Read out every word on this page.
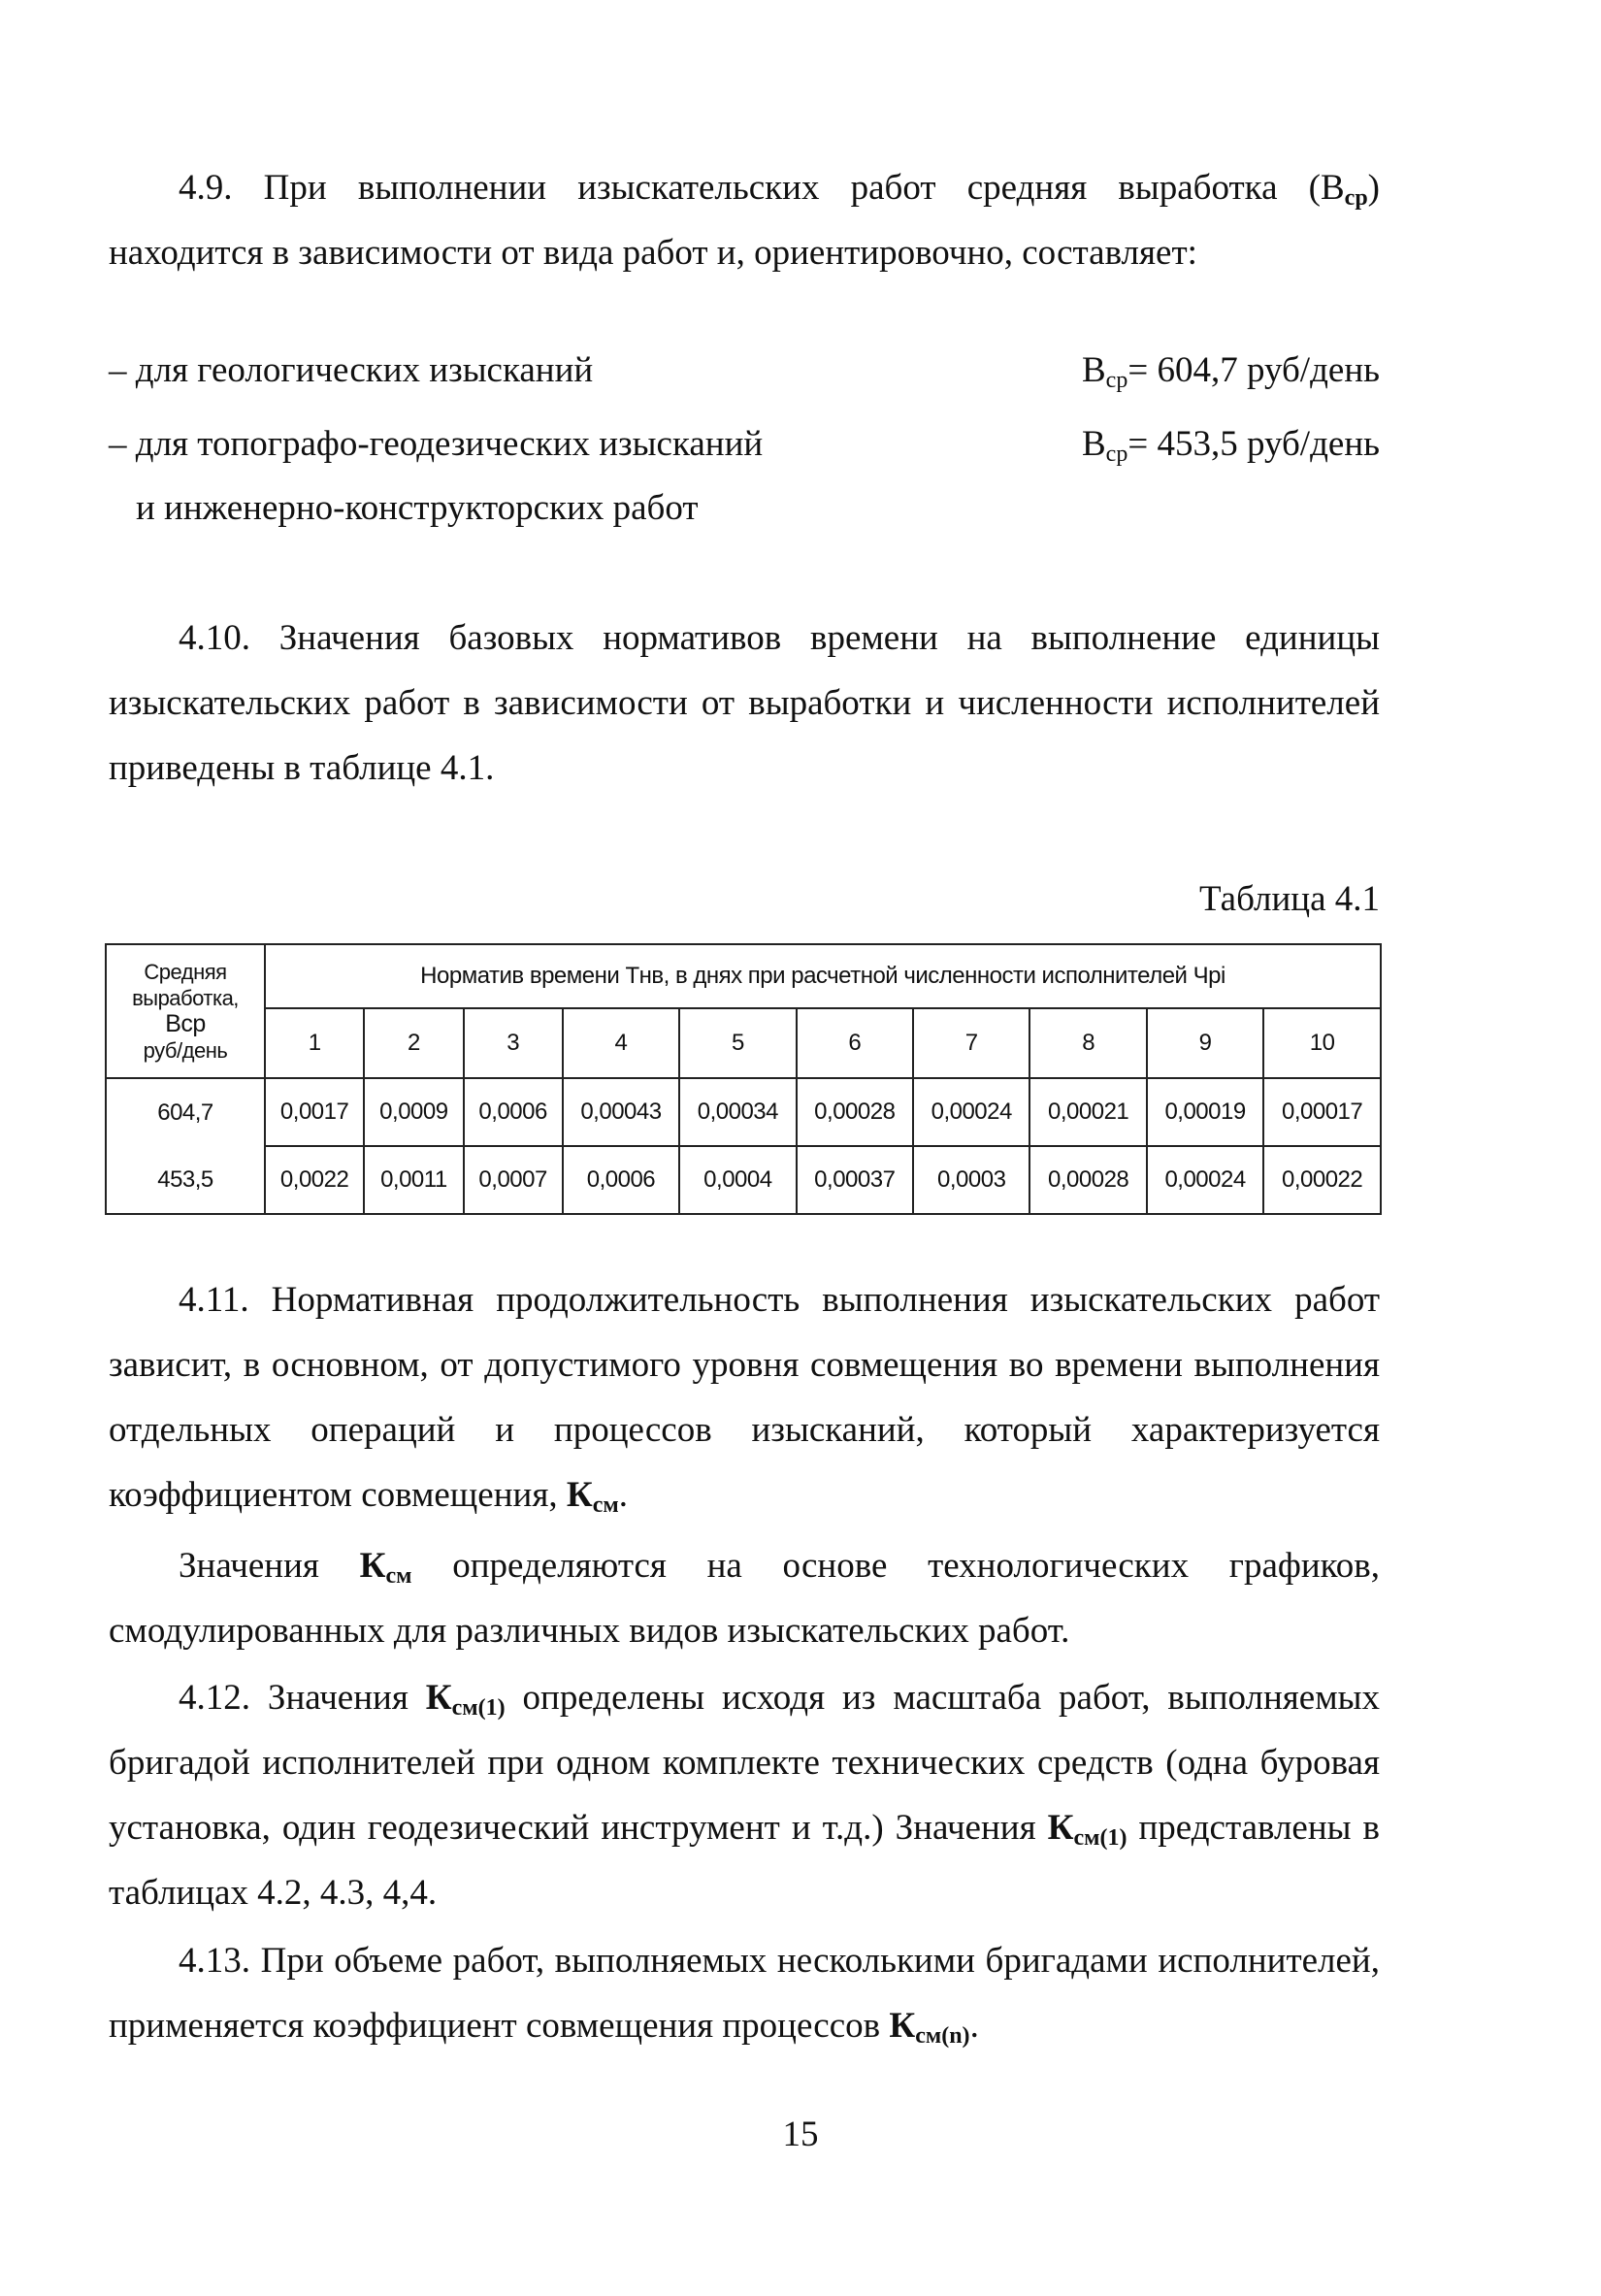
4.9. При выполнении изыскательских работ средняя выработка $(В_{ср})$ находится в зависимости от вида работ и, ориентировочно, составляет:

– для геологических изысканий	$В_{ср}= 604,7$ руб/день
– для топографо-геодезических изысканий	$В_{ср}= 453,5$ руб/день
и инженерно-конструкторских работ

4.10. Значения базовых нормативов времени на выполнение единицы изыскательских работ в зависимости от выработки и численности исполнителей приведены в таблице 4.1.

Таблица 4.1
Средняя
выработка,
Вср
руб/день	Норматив времени Тнв, в днях при расчетной численности исполнителей Чрi									
	1	2	3	4	5	6	7	8	9	10
604,7	0,0017	0,0009	0,0006	0,00043	0,00034	0,00028	0,00024	0,00021	0,00019	0,00017
453,5	0,0022	0,0011	0,0007	0,0006	0,0004	0,00037	0,0003	0,00028	0,00024	0,00022

4.11. Нормативная продолжительность выполнения изыскательских работ зависит, в основном, от допустимого уровня совмещения во времени выполнения отдельных операций и процессов изысканий, который характеризуется коэффициентом совмещения, $К_{см}$.

Значения $К_{см}$ определяются на основе технологических графиков, смодулированных для различных видов изыскательских работ.

4.12. Значения $К_{см(1)}$ определены исходя из масштаба работ, выполняемых бригадой исполнителей при одном комплекте технических средств (одна буровая установка, один геодезический инструмент и т.д.) Значения $К_{см(1)}$ представлены в таблицах 4.2, 4.3, 4,4.

4.13. При объеме работ, выполняемых несколькими бригадами исполнителей, применяется коэффициент совмещения процессов $К_{см(n)}$.

15
